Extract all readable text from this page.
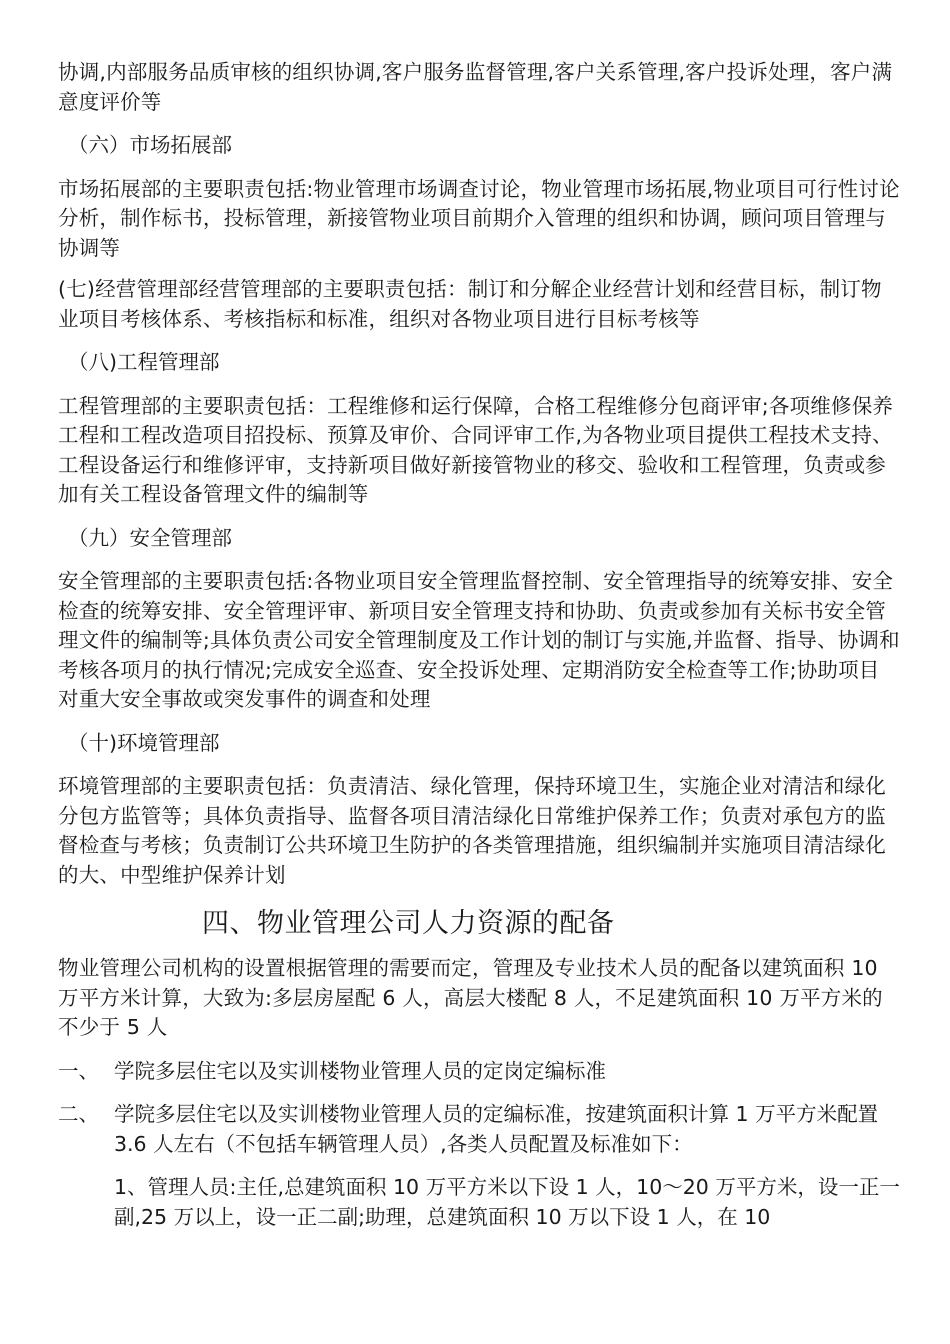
协调,内部服务品质审核的组织协调,客户服务监督管理,客户关系管理,客户投诉处理，客户满意度评价等

（六）市场拓展部

市场拓展部的主要职责包括:物业管理市场调查讨论，物业管理市场拓展,物业项目可行性讨论分析，制作标书，投标管理，新接管物业项目前期介入管理的组织和协调，顾问项目管理与协调等

(七)经营管理部经营管理部的主要职责包括：制订和分解企业经营计划和经营目标，制订物业项目考核体系、考核指标和标准，组织对各物业项目进行目标考核等

（八)工程管理部

工程管理部的主要职责包括：工程维修和运行保障，合格工程维修分包商评审;各项维修保养工程和工程改造项目招投标、预算及审价、合同评审工作,为各物业项目提供工程技术支持、工程设备运行和维修评审，支持新项目做好新接管物业的移交、验收和工程管理，负责或参加有关工程设备管理文件的编制等

（九）安全管理部

安全管理部的主要职责包括:各物业项目安全管理监督控制、安全管理指导的统筹安排、安全检查的统筹安排、安全管理评审、新项目安全管理支持和协助、负责或参加有关标书安全管理文件的编制等;具体负责公司安全管理制度及工作计划的制订与实施,并监督、指导、协调和考核各项月的执行情况;完成安全巡查、安全投诉处理、定期消防安全检查等工作;协助项目对重大安全事故或突发事件的调查和处理

（十)环境管理部

环境管理部的主要职责包括：负责清洁、绿化管理，保持环境卫生，实施企业对清洁和绿化分包方监管等；具体负责指导、监督各项目清洁绿化日常维护保养工作；负责对承包方的监督检查与考核；负责制订公共环境卫生防护的各类管理措施，组织编制并实施项目清洁绿化的大、中型维护保养计划

四、物业管理公司人力资源的配备

物业管理公司机构的设置根据管理的需要而定，管理及专业技术人员的配备以建筑面积 10 万平方米计算，大致为:多层房屋配 6 人，高层大楼配 8 人，不足建筑面积 10 万平方米的不少于 5 人

一、 学院多层住宅以及实训楼物业管理人员的定岗定编标准
二、 学院多层住宅以及实训楼物业管理人员的定编标准，按建筑面积计算 1 万平方米配置 3.6 人左右（不包括车辆管理人员）,各类人员配置及标准如下：

1、管理人员:主任,总建筑面积 10 万平方米以下设 1 人，10～20 万平方米，设一正一副,25 万以上，设一正二副;助理，总建筑面积 10 万以下设 1 人，在 10
